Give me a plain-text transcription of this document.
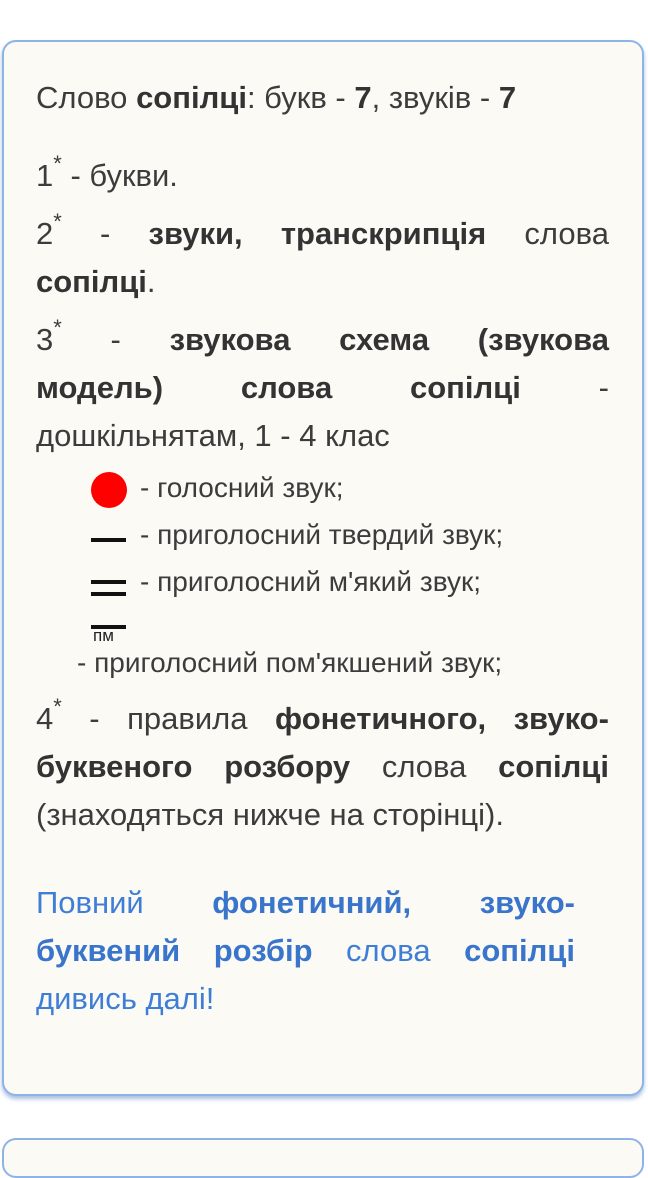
Слово сопілці: букв - 7, звуків - 7
1* - букви.
2* - звуки, транскрипція слова
сопілці.
3* - звукова схема (звукова
модель)	слова	сопілці	-
дошкільнятам, 1 - 4 клас
- голосний звук;
- приголосний твердий звук;
- приголосний м'який звук;
пм
- приголосний пом'якшений звук;
4* - правила фонетичного, звуко-
буквеного розбору слова сопілці
(знаходяться нижче на сторінці).
Повний фонетичний, звуко-
буквений розбір слова сопілці
дивись далі!
